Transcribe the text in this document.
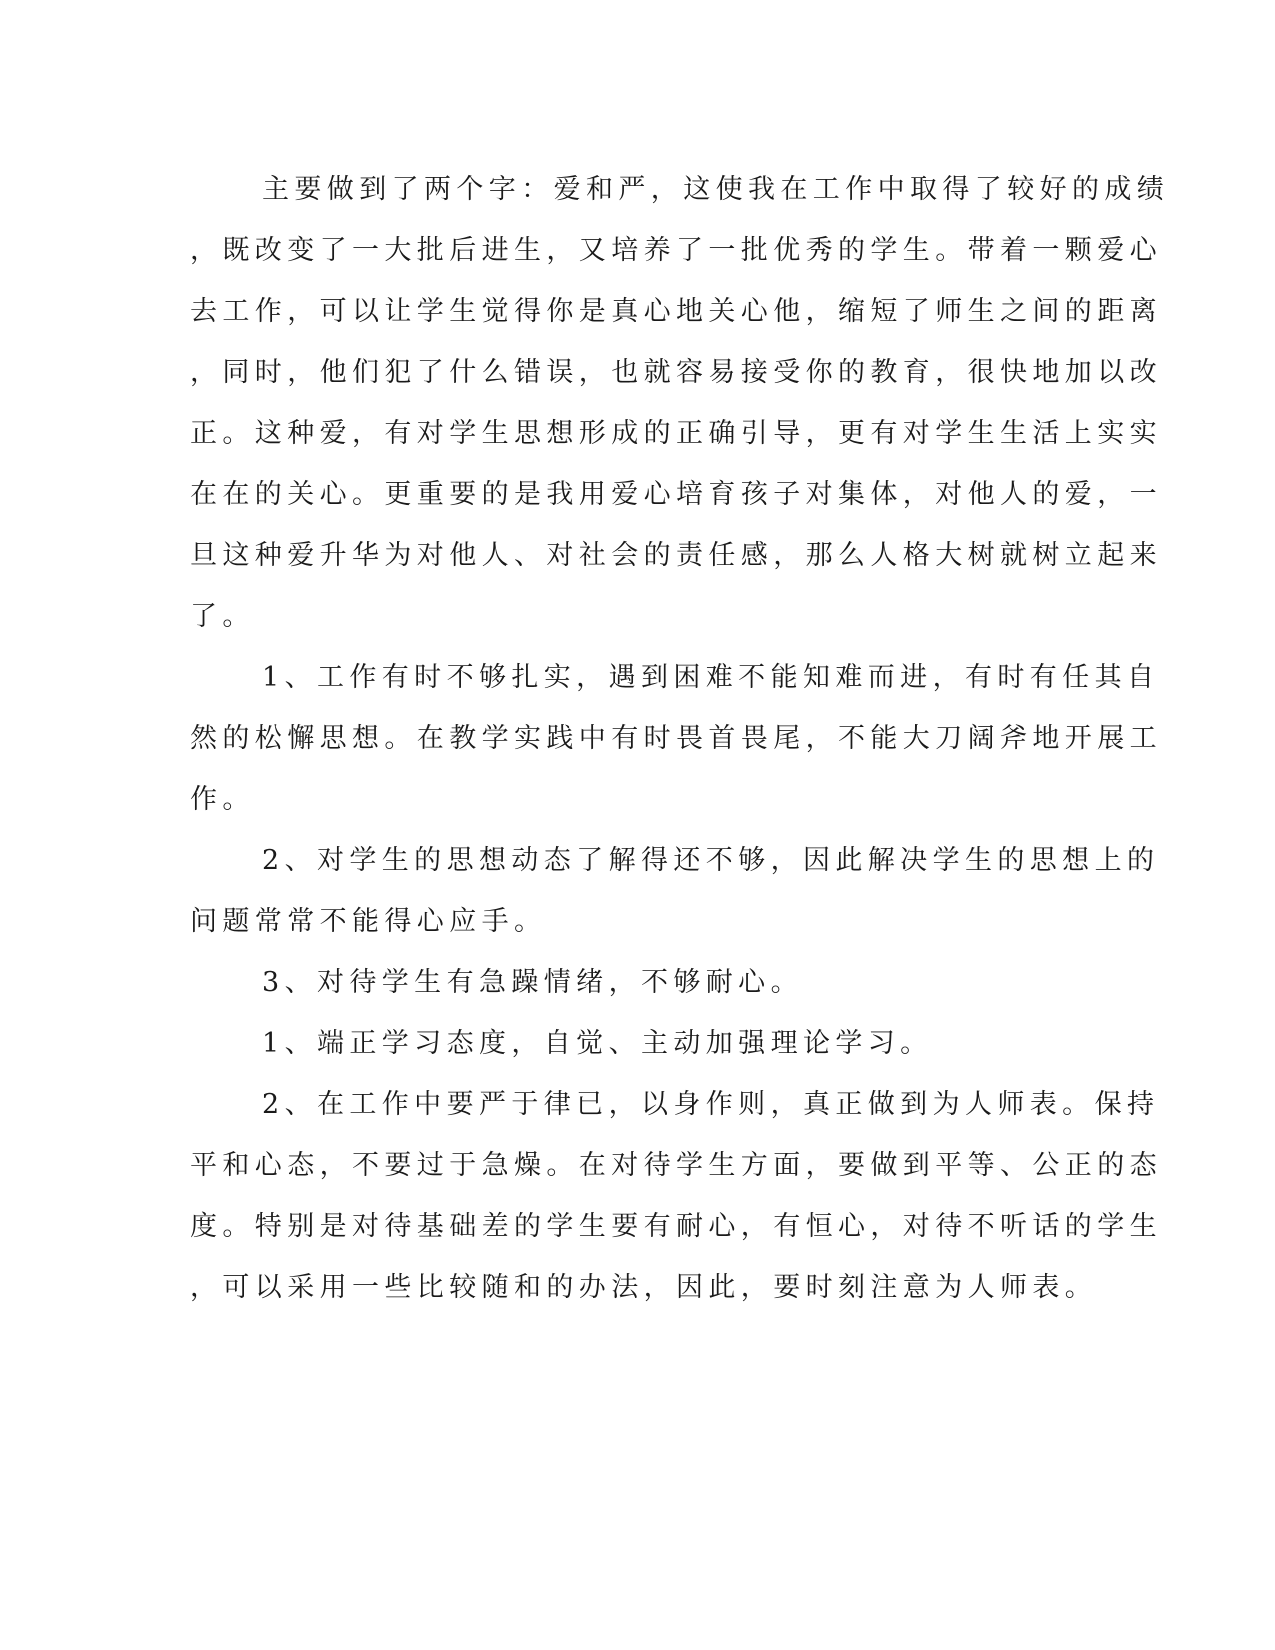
主要做到了两个字：爱和严，这使我在工作中取得了较好的成绩
，既改变了一大批后进生，又培养了一批优秀的学生。带着一颗爱心
去工作，可以让学生觉得你是真心地关心他，缩短了师生之间的距离
，同时，他们犯了什么错误，也就容易接受你的教育，很快地加以改
正。这种爱，有对学生思想形成的正确引导，更有对学生生活上实实
在在的关心。更重要的是我用爱心培育孩子对集体，对他人的爱，一
旦这种爱升华为对他人、对社会的责任感，那么人格大树就树立起来
了。
1、工作有时不够扎实，遇到困难不能知难而进，有时有任其自
然的松懈思想。在教学实践中有时畏首畏尾，不能大刀阔斧地开展工
作。
2、对学生的思想动态了解得还不够，因此解决学生的思想上的
问题常常不能得心应手。
3、对待学生有急躁情绪，不够耐心。
1、端正学习态度，自觉、主动加强理论学习。
2、在工作中要严于律已，以身作则，真正做到为人师表。保持
平和心态，不要过于急燥。在对待学生方面，要做到平等、公正的态
度。特别是对待基础差的学生要有耐心，有恒心，对待不听话的学生
，可以采用一些比较随和的办法，因此，要时刻注意为人师表。
